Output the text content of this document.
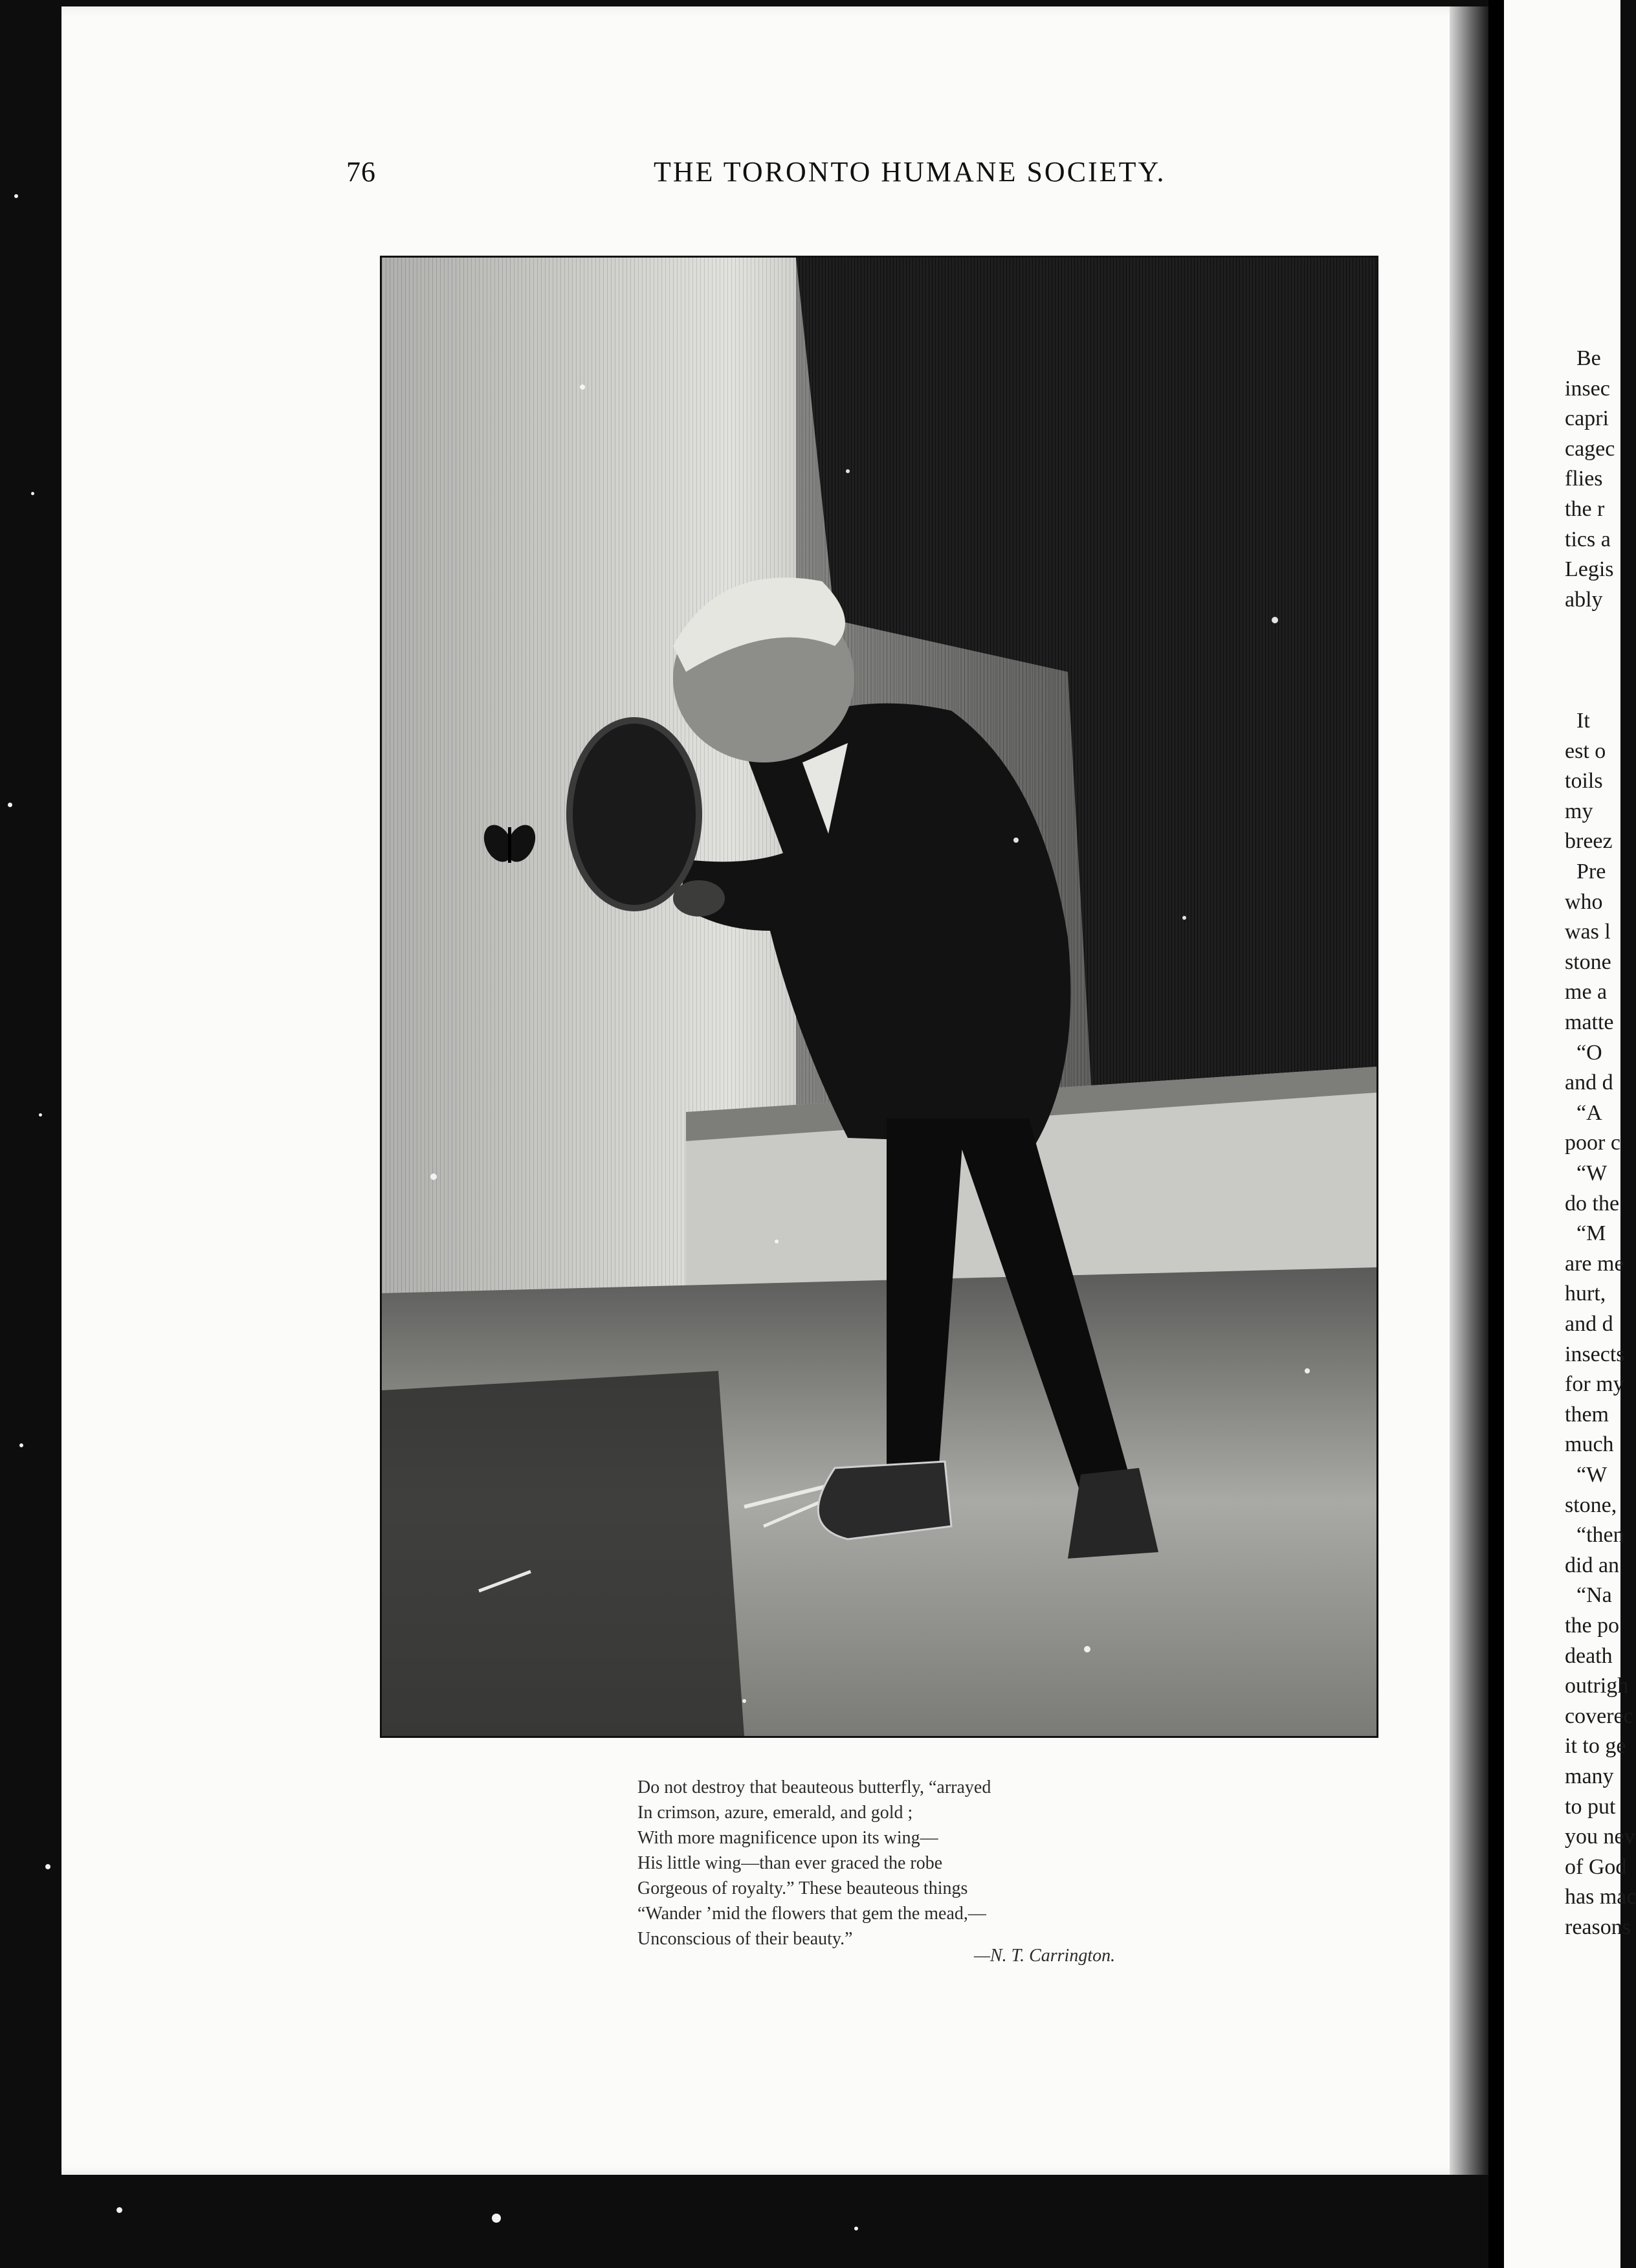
76	THE TORONTO HUMANE SOCIETY.
Do not destroy that beauteous butterfly, “arrayed
In crimson, azure, emerald, and gold ;
With more magnificence upon its wing—
His little wing—than ever graced the robe
Gorgeous of royalty.” These beauteous things
“Wander ’mid the flowers that gem the mead,—
Unconscious of their beauty.”
—N. T. Carrington.
Be
insec
capri
cagec
flies
the r
tics a
Legis
ably
It
est o
toils
my
breez
Pre
who
was l
stone
me a
matte
“O
and d
“A
poor c
“W
do the
“M
are me
hurt,
and d
insects
for my
them
much
“W
stone,
“then
did an
“Na
the po
death
outrigh
coverec
it to ge
many
to put
you nev
of God
has mac
reasons
